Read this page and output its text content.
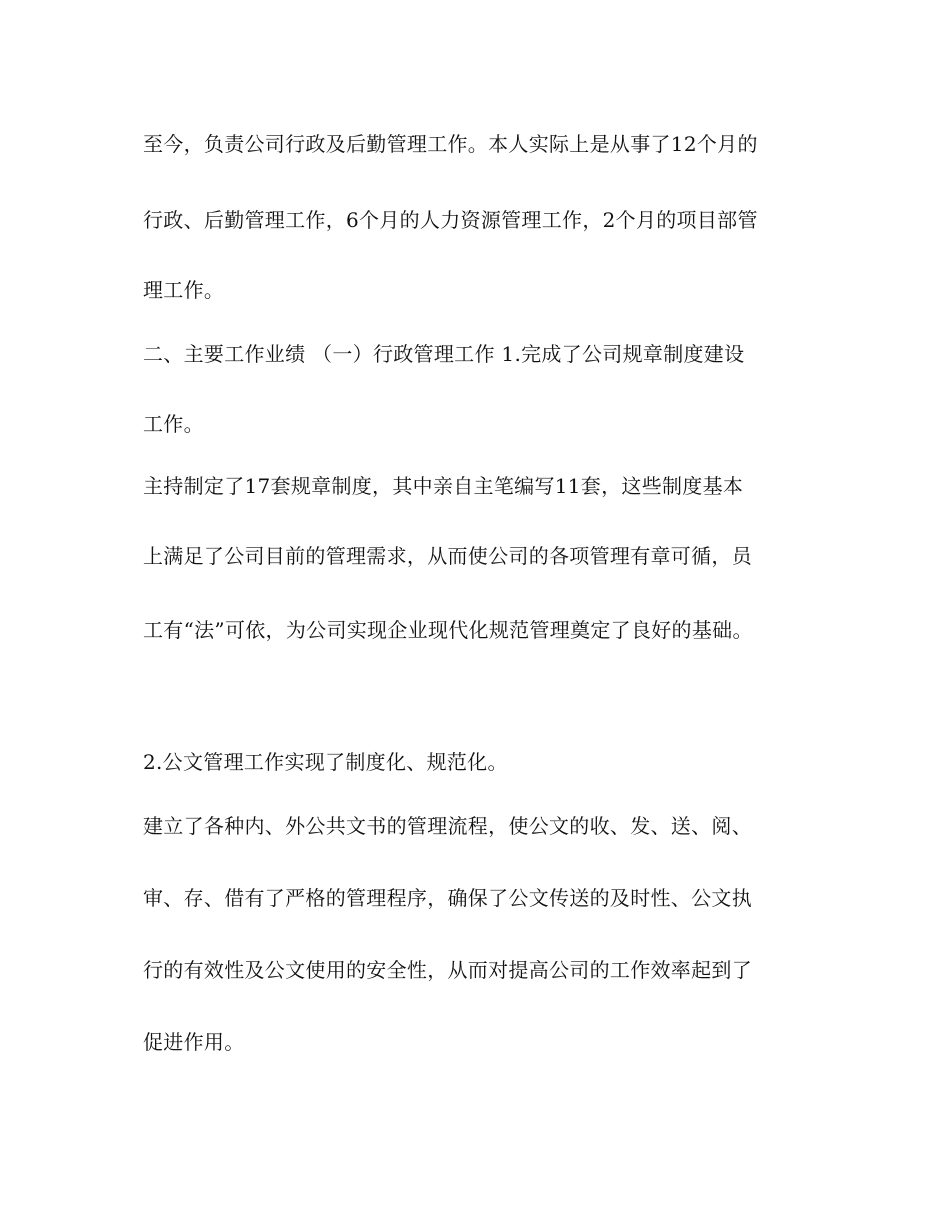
至今，负责公司行政及后勤管理工作。本人实际上是从事了12个月的

行政、后勤管理工作，6个月的人力资源管理工作，2个月的项目部管

理工作。

二、主要工作业绩 （一）行政管理工作 1.完成了公司规章制度建设

工作。

主持制定了17套规章制度，其中亲自主笔编写11套，这些制度基本

上满足了公司目前的管理需求，从而使公司的各项管理有章可循，员

工有“法”可依，为公司实现企业现代化规范管理奠定了良好的基础。

2.公文管理工作实现了制度化、规范化。

建立了各种内、外公共文书的管理流程，使公文的收、发、送、阅、

审、存、借有了严格的管理程序，确保了公文传送的及时性、公文执

行的有效性及公文使用的安全性，从而对提高公司的工作效率起到了

促进作用。
